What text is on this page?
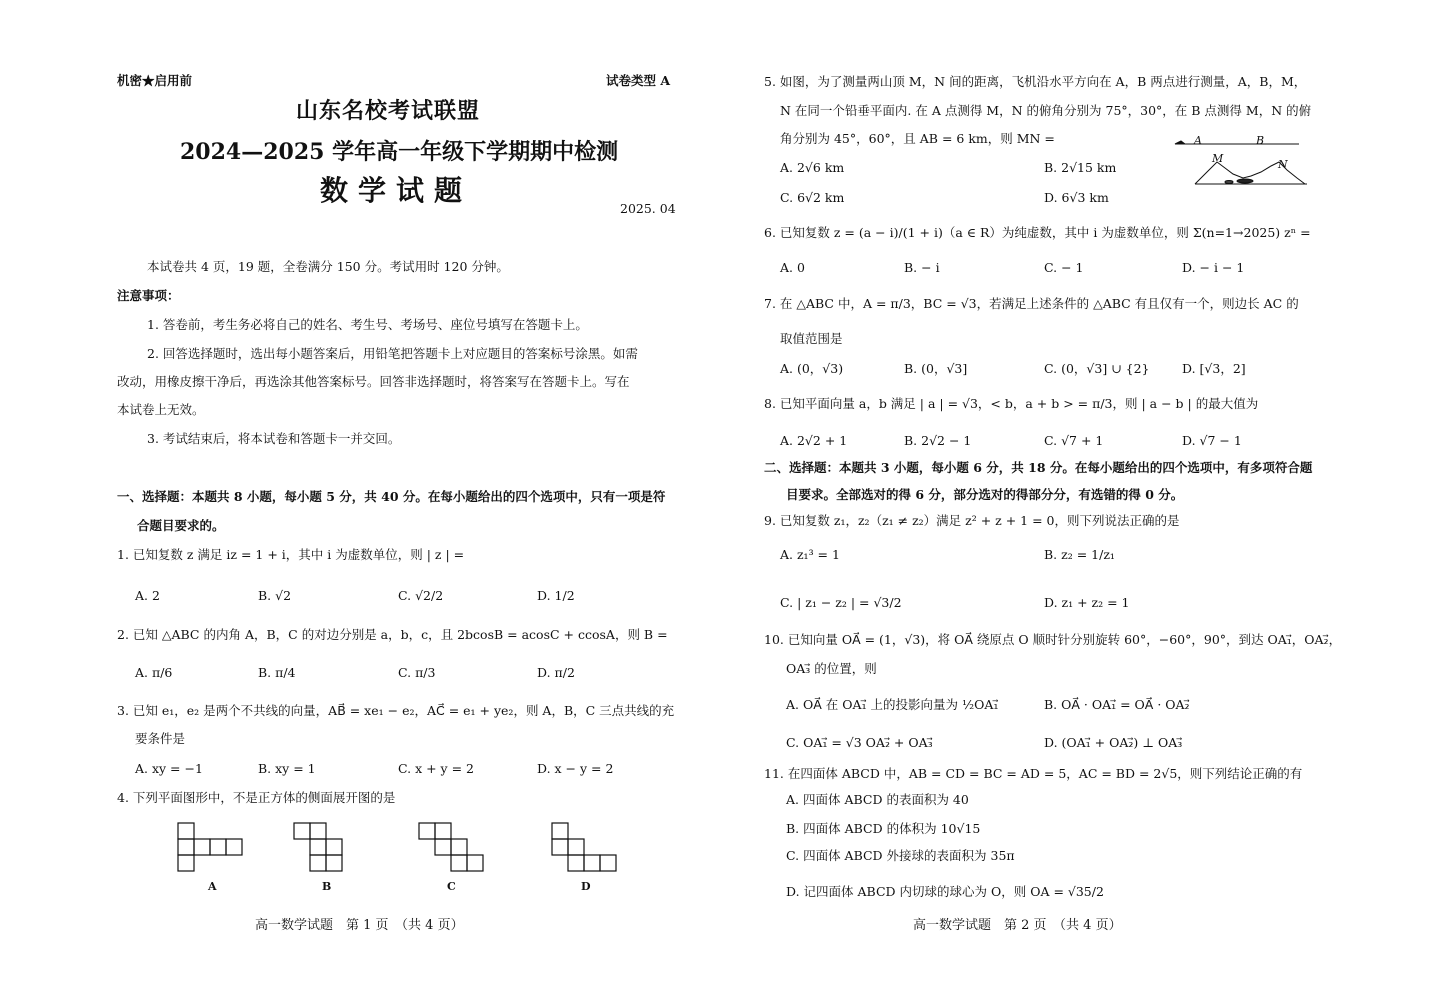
机密★启用前	试卷类型 A
山东名校考试联盟
2024—2025 学年高一年级下学期期中检测
数学试题
2025. 04
本试卷共 4 页，19 题，全卷满分 150 分。考试用时 120 分钟。
注意事项：
1. 答卷前，考生务必将自己的姓名、考生号、考场号、座位号填写在答题卡上。
2. 回答选择题时，选出每小题答案后，用铅笔把答题卡上对应题目的答案标号涂黑。如需
改动，用橡皮擦干净后，再选涂其他答案标号。回答非选择题时，将答案写在答题卡上。写在
本试卷上无效。
3. 考试结束后，将本试卷和答题卡一并交回。
一、选择题：本题共 8 小题，每小题 5 分，共 40 分。在每小题给出的四个选项中，只有一项是符
合题目要求的。
1. 已知复数 z 满足 iz = 1 + i，其中 i 为虚数单位，则 | z | =
A. 2	B. √2	C. √2/2	D. 1/2
2. 已知 △ABC 的内角 A，B，C 的对边分别是 a，b，c，且 2bcosB = acosC + ccosA，则 B =
A. π/6	B. π/4	C. π/3	D. π/2
3. 已知 e₁，e₂ 是两个不共线的向量，AB⃗ = xe₁ − e₂，AC⃗ = e₁ + ye₂，则 A，B，C 三点共线的充
要条件是
A. xy = −1	B. xy = 1	C. x + y = 2	D. x − y = 2
4. 下列平面图形中，不是正方体的侧面展开图的是
A	B	C	D
高一数学试题　第 1 页　（共 4 页）
5. 如图，为了测量两山顶 M，N 间的距离，飞机沿水平方向在 A，B 两点进行测量，A，B，M，
N 在同一个铅垂平面内. 在 A 点测得 M，N 的俯角分别为 75°，30°，在 B 点测得 M，N 的俯
角分别为 45°，60°，且 AB = 6 km，则 MN =
A. 2√6 km	B. 2√15 km
C. 6√2 km	D. 6√3 km
A	B
M	N
6. 已知复数 z = (a − i)/(1 + i)（a ∈ R）为纯虚数，其中 i 为虚数单位，则 Σ(n=1→2025) zⁿ =
A. 0	B. − i	C. − 1	D. − i − 1
7. 在 △ABC 中，A = π/3，BC = √3，若满足上述条件的 △ABC 有且仅有一个，则边长 AC 的
取值范围是
A. (0，√3)	B. (0，√3]	C. (0，√3] ∪ {2}	D. [√3，2]
8. 已知平面向量 a，b 满足 | a | = √3，< b，a + b > = π/3，则 | a − b | 的最大值为
A. 2√2 + 1	B. 2√2 − 1	C. √7 + 1	D. √7 − 1
二、选择题：本题共 3 小题，每小题 6 分，共 18 分。在每小题给出的四个选项中，有多项符合题
目要求。全部选对的得 6 分，部分选对的得部分分，有选错的得 0 分。
9. 已知复数 z₁，z₂（z₁ ≠ z₂）满足 z² + z + 1 = 0，则下列说法正确的是
A. z₁³ = 1	B. z₂ = 1/z₁
C. | z₁ − z₂ | = √3/2	D. z₁ + z₂ = 1
10. 已知向量 OA⃗ = (1，√3)，将 OA⃗ 绕原点 O 顺时针分别旋转 60°，−60°，90°，到达 OA₁⃗，OA₂⃗，
OA₃⃗ 的位置，则
A. OA⃗ 在 OA₁⃗ 上的投影向量为 ½OA₁⃗	B. OA⃗ · OA₁⃗ = OA⃗ · OA₂⃗
C. OA₁⃗ = √3 OA₂⃗ + OA₃⃗	D. (OA₁⃗ + OA₂⃗) ⊥ OA₃⃗
11. 在四面体 ABCD 中，AB = CD = BC = AD = 5，AC = BD = 2√5，则下列结论正确的有
A. 四面体 ABCD 的表面积为 40
B. 四面体 ABCD 的体积为 10√15
C. 四面体 ABCD 外接球的表面积为 35π
D. 记四面体 ABCD 内切球的球心为 O，则 OA = √35/2
高一数学试题　第 2 页　（共 4 页）
